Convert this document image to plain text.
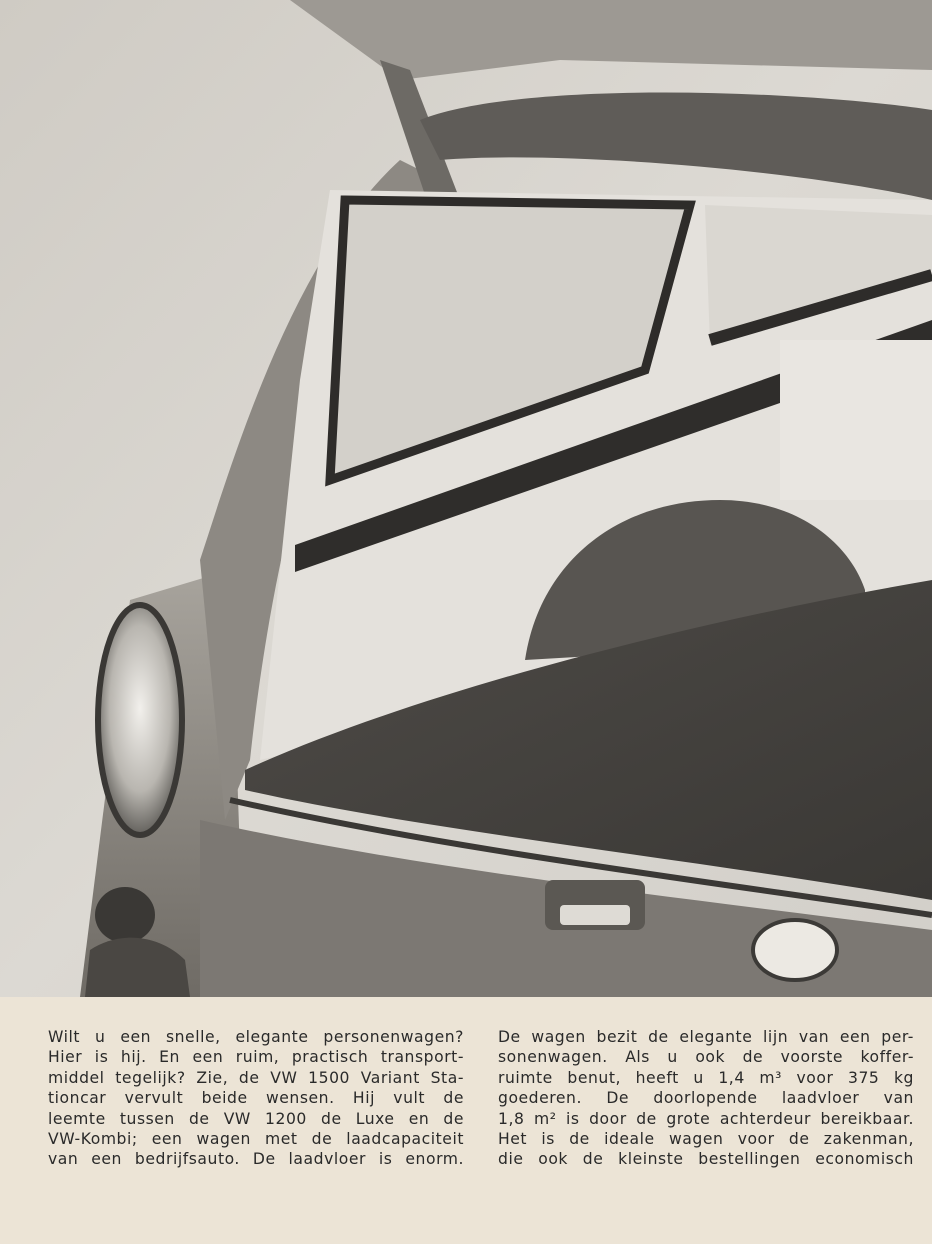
Wilt u een snelle, elegante personenwagen?
Hier is hij. En een ruim, practisch transport-
middel tegelijk? Zie, de VW 1500 Variant Sta-
tioncar vervult beide wensen. Hij vult de
leemte tussen de VW 1200 de Luxe en de
VW-Kombi; een wagen met de laadcapaciteit
van een bedrijfsauto. De laadvloer is enorm.
De wagen bezit de elegante lijn van een per-
sonenwagen. Als u ook de voorste koffer-
ruimte benut, heeft u 1,4 m³ voor 375 kg
goederen. De doorlopende laadvloer van
1,8 m² is door de grote achterdeur bereikbaar.
Het is de ideale wagen voor de zakenman,
die ook de kleinste bestellingen economisch
